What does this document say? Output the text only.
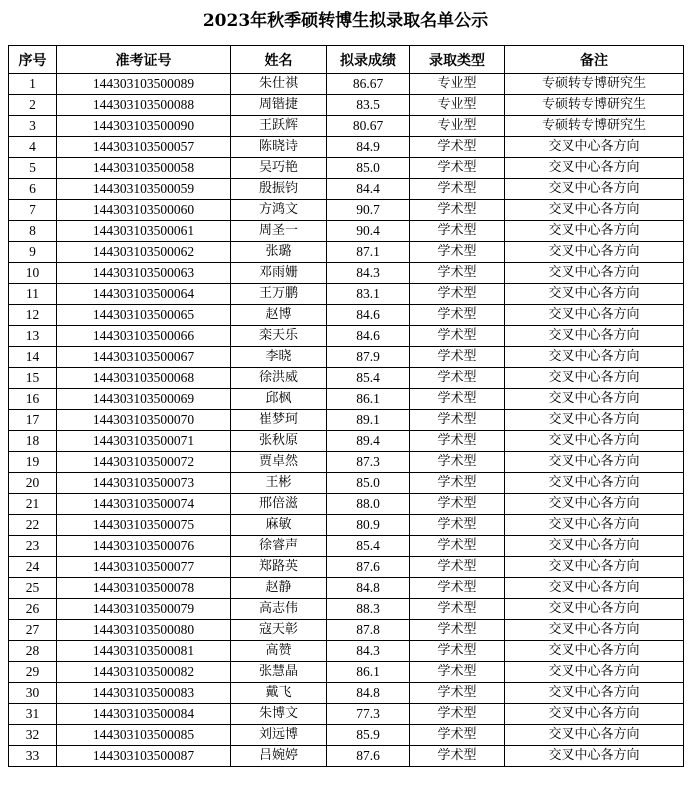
2023年秋季硕转博生拟录取名单公示
序号	准考证号	姓名	拟录成绩	录取类型	备注
1	144303103500089	朱仕祺	86.67	专业型	专硕转专博研究生
2	144303103500088	周锴捷	83.5	专业型	专硕转专博研究生
3	144303103500090	王跃辉	80.67	专业型	专硕转专博研究生
4	144303103500057	陈晓诗	84.9	学术型	交叉中心各方向
5	144303103500058	吴巧艳	85.0	学术型	交叉中心各方向
6	144303103500059	殷振钧	84.4	学术型	交叉中心各方向
7	144303103500060	方鸿文	90.7	学术型	交叉中心各方向
8	144303103500061	周圣一	90.4	学术型	交叉中心各方向
9	144303103500062	张璐	87.1	学术型	交叉中心各方向
10	144303103500063	邓雨姗	84.3	学术型	交叉中心各方向
11	144303103500064	王万鹏	83.1	学术型	交叉中心各方向
12	144303103500065	赵博	84.6	学术型	交叉中心各方向
13	144303103500066	栾天乐	84.6	学术型	交叉中心各方向
14	144303103500067	李晓	87.9	学术型	交叉中心各方向
15	144303103500068	徐洪威	85.4	学术型	交叉中心各方向
16	144303103500069	邱枫	86.1	学术型	交叉中心各方向
17	144303103500070	崔梦珂	89.1	学术型	交叉中心各方向
18	144303103500071	张秋原	89.4	学术型	交叉中心各方向
19	144303103500072	贾卓然	87.3	学术型	交叉中心各方向
20	144303103500073	王彬	85.0	学术型	交叉中心各方向
21	144303103500074	邢倍滋	88.0	学术型	交叉中心各方向
22	144303103500075	麻敏	80.9	学术型	交叉中心各方向
23	144303103500076	徐睿声	85.4	学术型	交叉中心各方向
24	144303103500077	郑路英	87.6	学术型	交叉中心各方向
25	144303103500078	赵静	84.8	学术型	交叉中心各方向
26	144303103500079	高志伟	88.3	学术型	交叉中心各方向
27	144303103500080	寇天彰	87.8	学术型	交叉中心各方向
28	144303103500081	高赞	84.3	学术型	交叉中心各方向
29	144303103500082	张慧晶	86.1	学术型	交叉中心各方向
30	144303103500083	戴飞	84.8	学术型	交叉中心各方向
31	144303103500084	朱博文	77.3	学术型	交叉中心各方向
32	144303103500085	刘远博	85.9	学术型	交叉中心各方向
33	144303103500087	吕婉婷	87.6	学术型	交叉中心各方向
